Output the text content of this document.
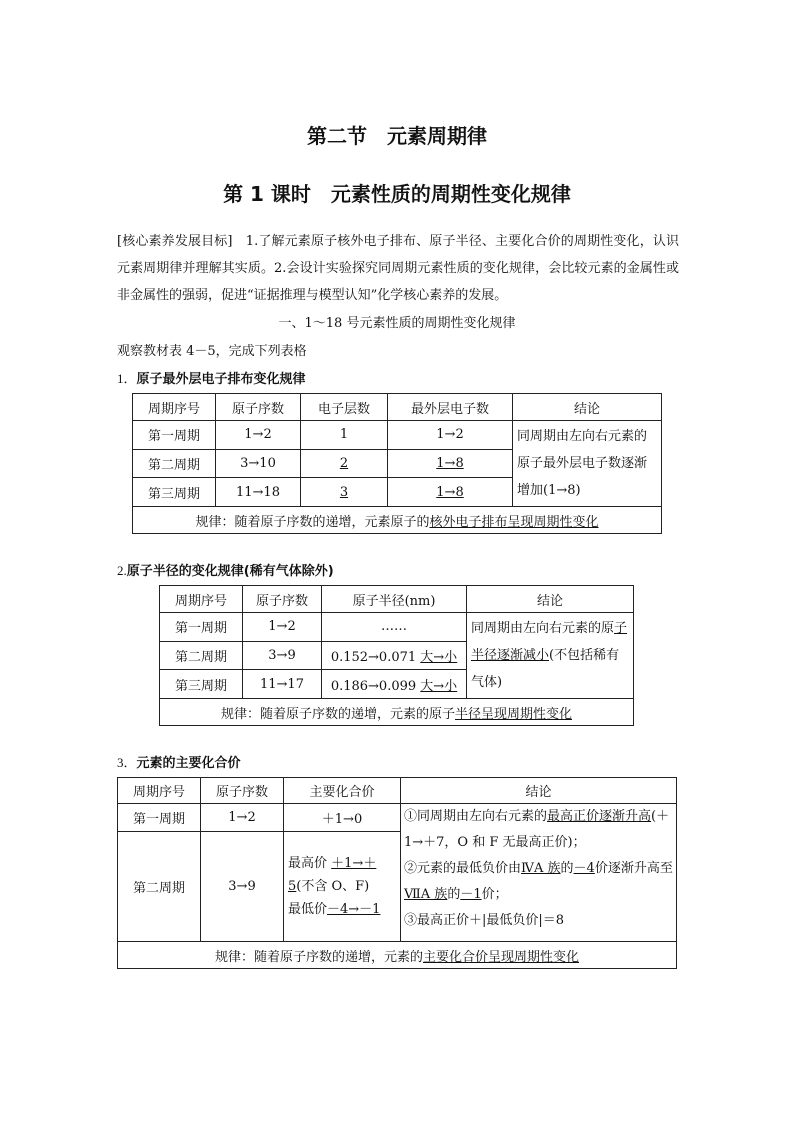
第二节　元素周期律
第 1 课时　元素性质的周期性变化规律
[核心素养发展目标]　1.了解元素原子核外电子排布、原子半径、主要化合价的周期性变化，认识元素周期律并理解其实质。2.会设计实验探究同周期元素性质的变化规律，会比较元素的金属性或非金属性的强弱，促进“证据推理与模型认知”化学核心素养的发展。
一、1～18 号元素性质的周期性变化规律
观察教材表 4－5，完成下列表格
1．原子最外层电子排布变化规律
周期序号	原子序数	电子层数	最外层电子数	结论
第一周期	1→2	1	1→2	同周期由左向右元素的原子最外层电子数逐渐增加(1→8)
第二周期	3→10	2	1→8	
第三周期	11→18	3	1→8	
规律：随着原子序数的递增，元素原子的核外电子排布呈现周期性变化				
2.原子半径的变化规律(稀有气体除外)
周期序号	原子序数	原子半径(nm)	结论
第一周期	1→2	……	同周期由左向右元素的原子半径逐渐减小(不包括稀有气体)
第二周期	3→9	0.152→0.071 大→小	
第三周期	11→17	0.186→0.099 大→小	
规律：随着原子序数的递增，元素的原子半径呈现周期性变化			
3．元素的主要化合价
周期序号	原子序数	主要化合价	结论
第一周期	1→2	＋1→0	①同周期由左向右元素的最高正价逐渐升高(＋1→＋7，O 和 F 无最高正价)；
②元素的最低负价由ⅣA 族的－4价逐渐升高至ⅦA 族的－1价；
③最高正价＋|最低负价|＝8

第二周期	3→9	最高价 ＋1→＋5(不含 O、F)
最低价－4→－1	
规律：随着原子序数的递增，元素的主要化合价呈现周期性变化			
